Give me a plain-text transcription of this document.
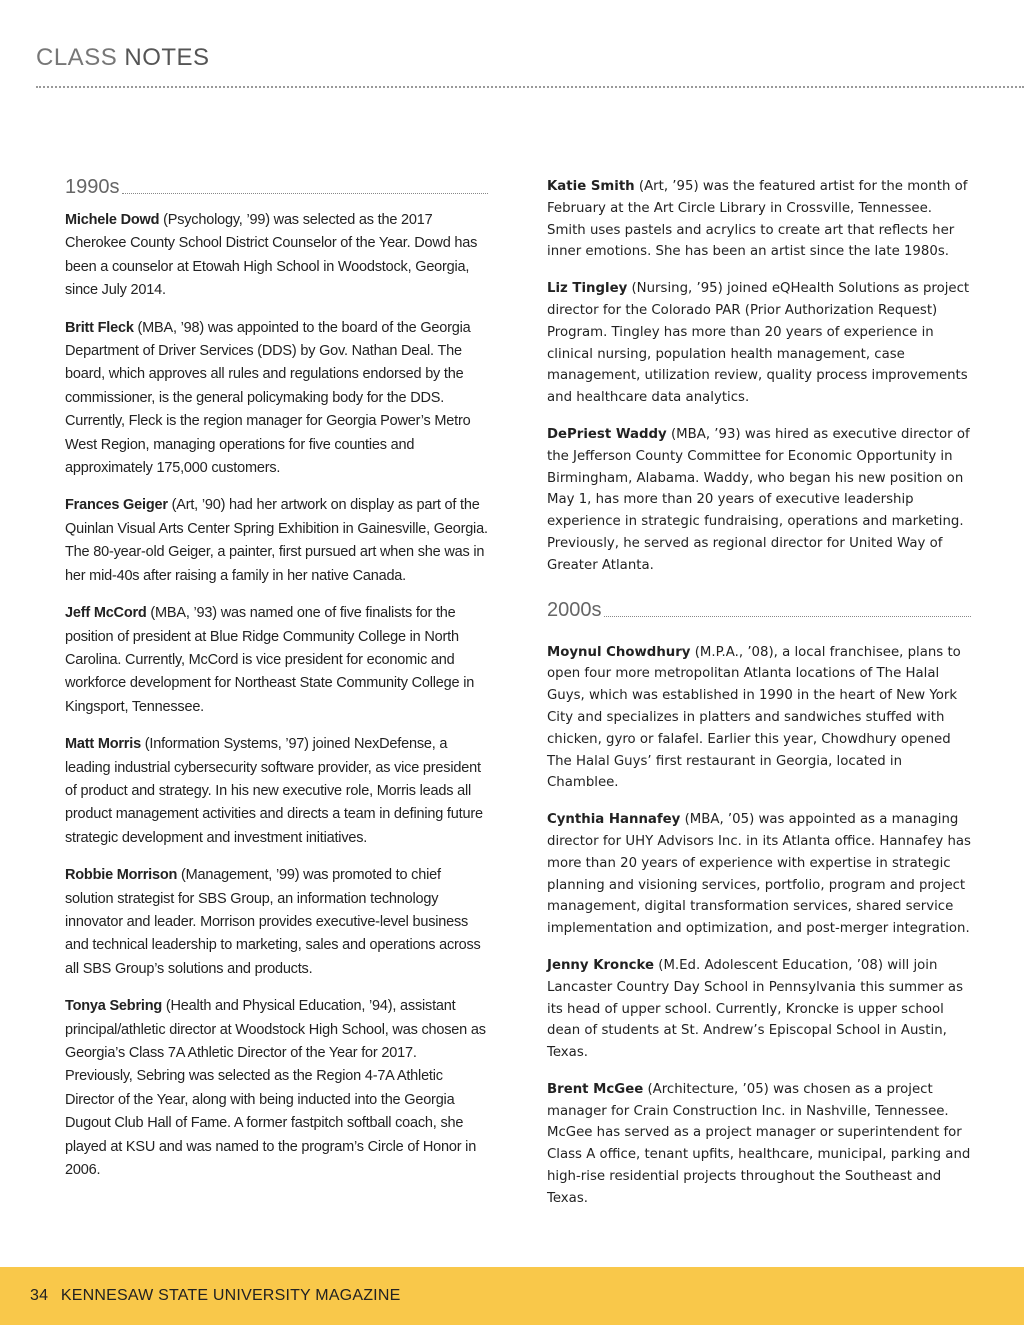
CLASS NOTES
1990s

Michele Dowd (Psychology, ’99) was selected as the 2017 Cherokee County School District Counselor of the Year. Dowd has been a counselor at Etowah High School in Woodstock, Georgia, since July 2014.

Britt Fleck (MBA, ’98) was appointed to the board of the Georgia Department of Driver Services (DDS) by Gov. Nathan Deal. The board, which approves all rules and regulations endorsed by the commissioner, is the general policymaking body for the DDS. Currently, Fleck is the region manager for Georgia Power’s Metro West Region, managing operations for five counties and approximately 175,000 customers.

Frances Geiger (Art, ’90) had her artwork on display as part of the Quinlan Visual Arts Center Spring Exhibition in Gainesville, Georgia. The 80-year-old Geiger, a painter, first pursued art when she was in her mid-40s after raising a family in her native Canada.

Jeff McCord (MBA, ’93) was named one of five finalists for the position of president at Blue Ridge Community College in North Carolina. Currently, McCord is vice president for economic and workforce development for Northeast State Community College in Kingsport, Tennessee.

Matt Morris (Information Systems, ’97) joined NexDefense, a leading industrial cybersecurity software provider, as vice president of product and strategy. In his new executive role, Morris leads all product management activities and directs a team in defining future strategic development and investment initiatives.

Robbie Morrison (Management, ’99) was promoted to chief solution strategist for SBS Group, an information technology innovator and leader. Morrison provides executive-level business and technical leadership to marketing, sales and operations across all SBS Group’s solutions and products.

Tonya Sebring (Health and Physical Education, ’94), assistant principal/athletic director at Woodstock High School, was chosen as Georgia’s Class 7A Athletic Director of the Year for 2017. Previously, Sebring was selected as the Region 4-7A Athletic Director of the Year, along with being inducted into the Georgia Dugout Club Hall of Fame. A former fastpitch softball coach, she played at KSU and was named to the program’s Circle of Honor in 2006.

Katie Smith (Art, ’95) was the featured artist for the month of February at the Art Circle Library in Crossville, Tennessee. Smith uses pastels and acrylics to create art that reflects her inner emotions. She has been an artist since the late 1980s.

Liz Tingley (Nursing, ’95) joined eQHealth Solutions as project director for the Colorado PAR (Prior Authorization Request) Program. Tingley has more than 20 years of experience in clinical nursing, population health management, case management, utilization review, quality process improvements and healthcare data analytics.

DePriest Waddy (MBA, ’93) was hired as executive director of the Jefferson County Committee for Economic Opportunity in Birmingham, Alabama. Waddy, who began his new position on May 1, has more than 20 years of executive leadership experience in strategic fundraising, operations and marketing. Previously, he served as regional director for United Way of Greater Atlanta.

2000s

Moynul Chowdhury (M.P.A., ’08), a local franchisee, plans to open four more metropolitan Atlanta locations of The Halal Guys, which was established in 1990 in the heart of New York City and specializes in platters and sandwiches stuffed with chicken, gyro or falafel. Earlier this year, Chowdhury opened The Halal Guys’ first restaurant in Georgia, located in Chamblee.

Cynthia Hannafey (MBA, ’05) was appointed as a managing director for UHY Advisors Inc. in its Atlanta office. Hannafey has more than 20 years of experience with expertise in strategic planning and visioning services, portfolio, program and project management, digital transformation services, shared service implementation and optimization, and post-merger integration.

Jenny Kroncke (M.Ed. Adolescent Education, ’08) will join Lancaster Country Day School in Pennsylvania this summer as its head of upper school. Currently, Kroncke is upper school dean of students at St. Andrew’s Episcopal School in Austin, Texas.

Brent McGee (Architecture, ’05) was chosen as a project manager for Crain Construction Inc. in Nashville, Tennessee. McGee has served as a project manager or superintendent for Class A office, tenant upfits, healthcare, municipal, parking and high-rise residential projects throughout the Southeast and Texas.

34 KENNESAW STATE UNIVERSITY MAGAZINE
